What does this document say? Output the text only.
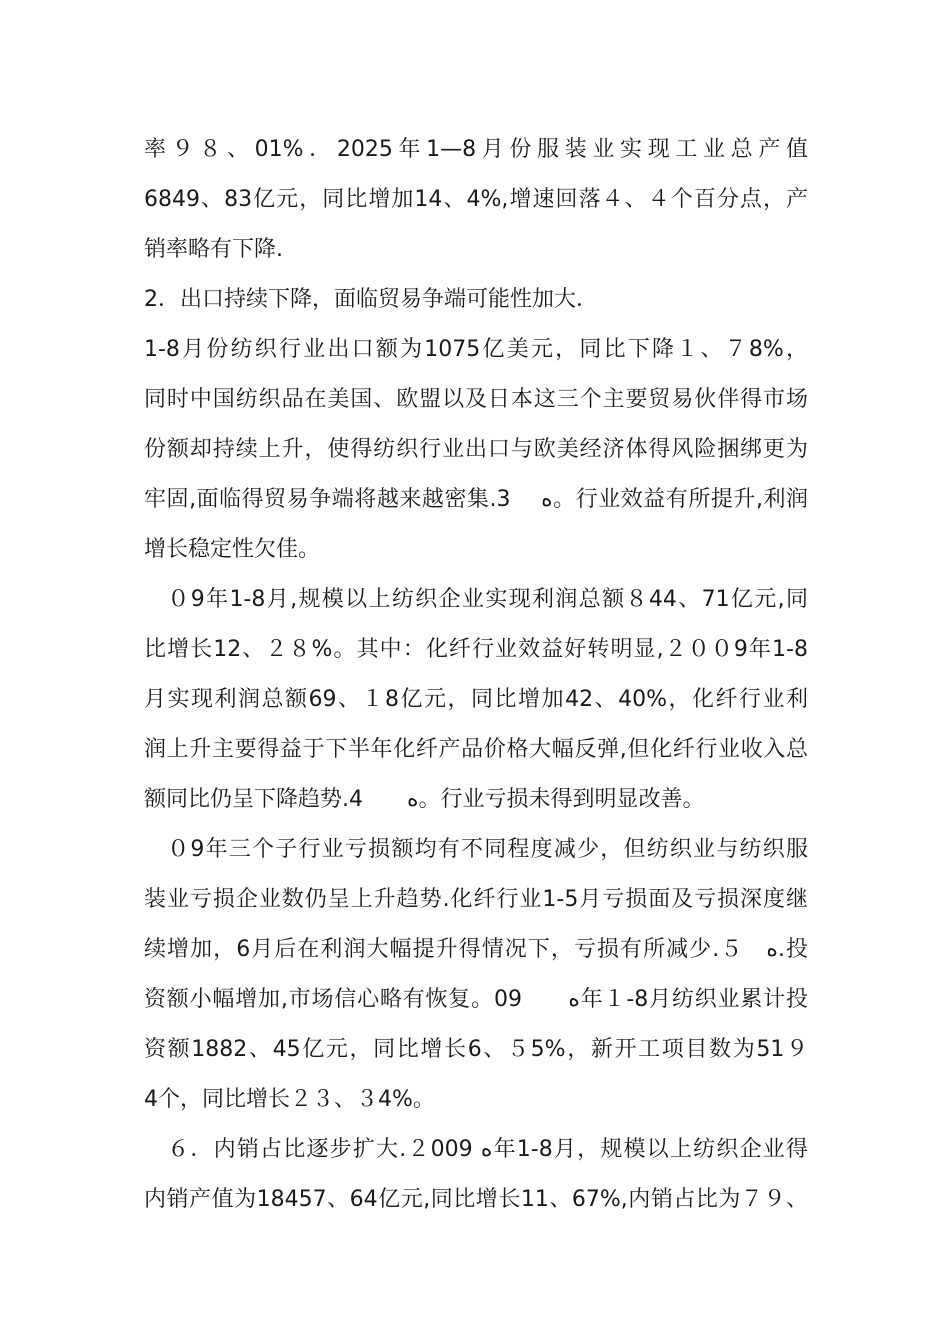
率９８、01%．2025年1—8月份服装业实现工业总产值
6849、83亿元，同比增加14、4%,增速回落４、４个百分点，产
销率略有下降.
2．出口持续下降，面临贸易争端可能性加大．
1-8月份纺织行业出口额为1075亿美元，同比下降１、７8%，
同时中国纺织品在美国、欧盟以及日本这三个主要贸易伙伴得市场
份额却持续上升，使得纺织行业出口与欧美经济体得风险捆绑更为
牢固,面临得贸易争端将越来越密集.3　 ﻩ。行业效益有所提升,利润
增长稳定性欠佳。
　０9年1-8月,规模以上纺织企业实现利润总额８44、71亿元,同
比增长12、２８%。其中：化纤行业效益好转明显,２００9年1-8
月实现利润总额69、１8亿元，同比增加42、40%，化纤行业利
润上升主要得益于下半年化纤产品价格大幅反弹,但化纤行业收入总
额同比仍呈下降趋势.4　　ﻩ。行业亏损未得到明显改善。
　０9年三个子行业亏损额均有不同程度减少，但纺织业与纺织服
装业亏损企业数仍呈上升趋势.化纤行业1-5月亏损面及亏损深度继
续增加，6月后在利润大幅提升得情况下，亏损有所减少.５　ﻩ.投
资额小幅增加,市场信心略有恢复。09　　ﻩ年１-8月纺织业累计投
资额1882、45亿元，同比增长6、５5%，新开工项目数为51９
4个，同比增长２３、３4%。
　６．内销占比逐步扩大.２009 ﻩ年1-8月，规模以上纺织企业得
内销产值为18457、64亿元,同比增长11、67%,内销占比为７９、
